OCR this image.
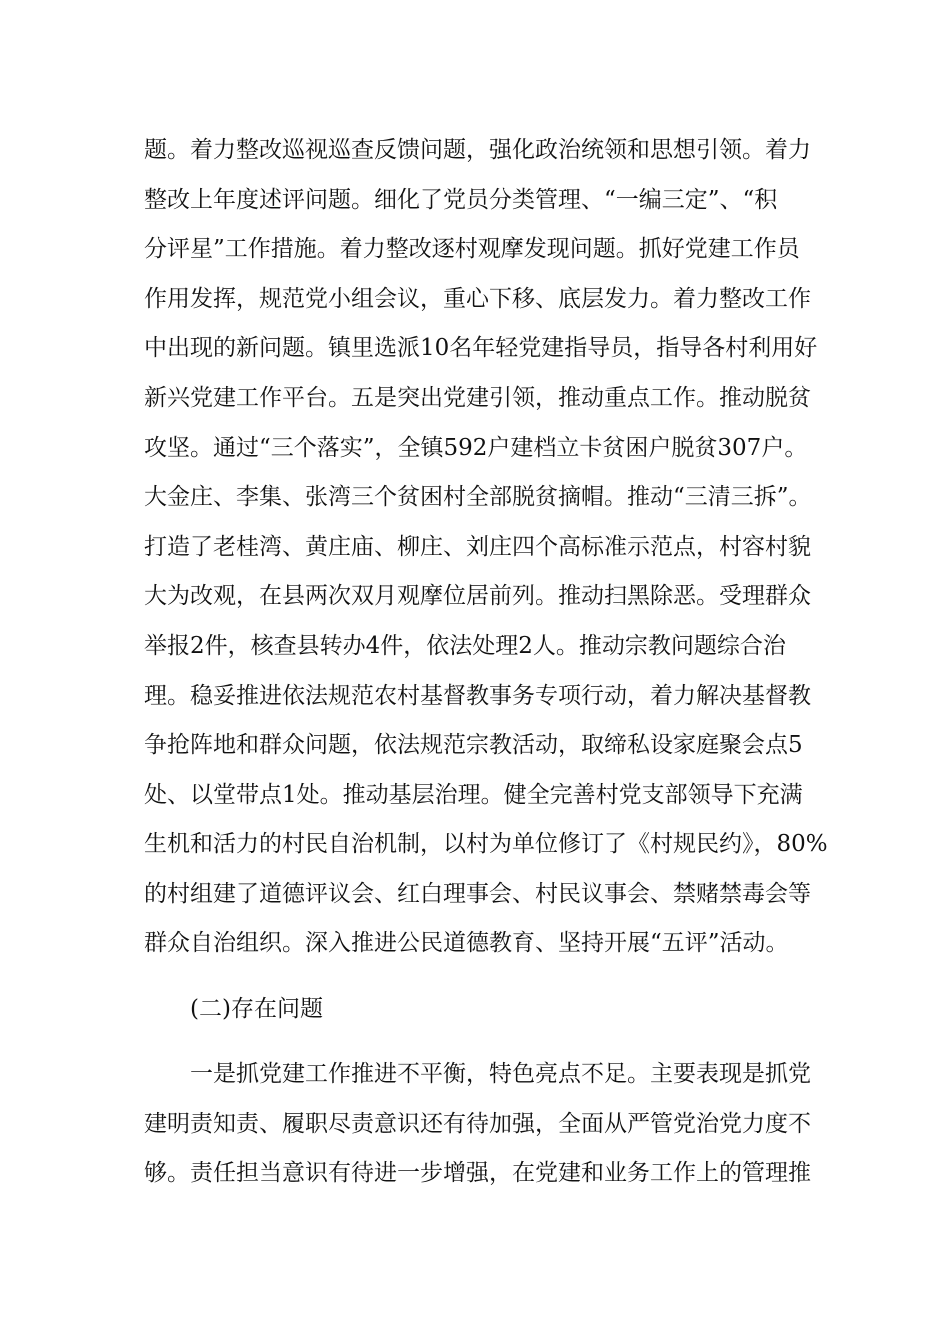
题。着力整改巡视巡查反馈问题，强化政治统领和思想引领。着力
整改上年度述评问题。细化了党员分类管理、“一编三定”、“积
分评星”工作措施。着力整改逐村观摩发现问题。抓好党建工作员
作用发挥，规范党小组会议，重心下移、底层发力。着力整改工作
中出现的新问题。镇里选派10名年轻党建指导员，指导各村利用好
新兴党建工作平台。五是突出党建引领，推动重点工作。推动脱贫
攻坚。通过“三个落实”，全镇592户建档立卡贫困户脱贫307户。
大金庄、李集、张湾三个贫困村全部脱贫摘帽。推动“三清三拆”。
打造了老桂湾、黄庄庙、柳庄、刘庄四个高标准示范点，村容村貌
大为改观，在县两次双月观摩位居前列。推动扫黑除恶。受理群众
举报2件，核查县转办4件，依法处理2人。推动宗教问题综合治
理。稳妥推进依法规范农村基督教事务专项行动，着力解决基督教
争抢阵地和群众问题，依法规范宗教活动，取缔私设家庭聚会点5
处、以堂带点1处。推动基层治理。健全完善村党支部领导下充满
生机和活力的村民自治机制，以村为单位修订了《村规民约》，80%
的村组建了道德评议会、红白理事会、村民议事会、禁赌禁毒会等
群众自治组织。深入推进公民道德教育、坚持开展“五评”活动。
(二)存在问题
一是抓党建工作推进不平衡，特色亮点不足。主要表现是抓党
建明责知责、履职尽责意识还有待加强，全面从严管党治党力度不
够。责任担当意识有待进一步增强，在党建和业务工作上的管理推
